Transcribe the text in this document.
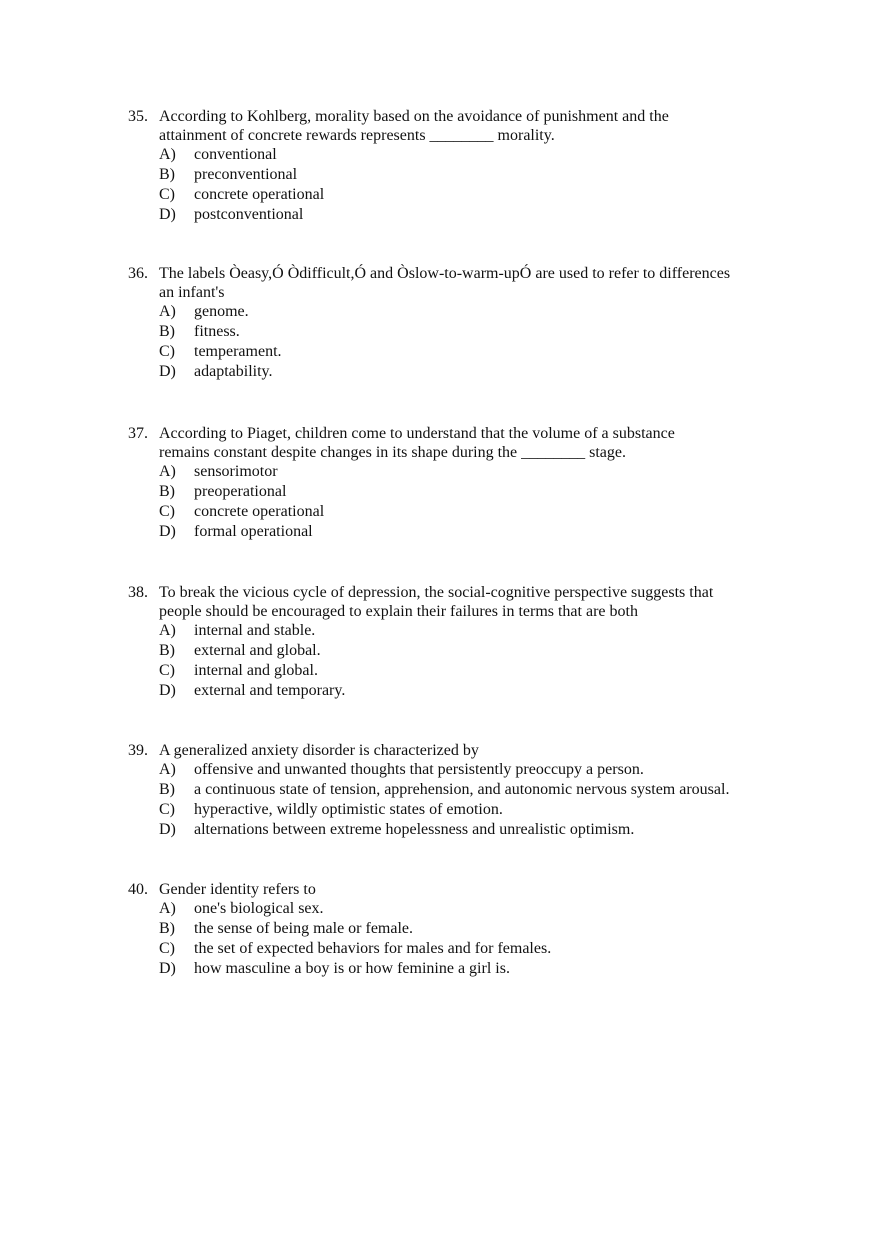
35. According to Kohlberg, morality based on the avoidance of punishment and the
attainment of concrete rewards represents ________ morality.
A)	conventional
B)	preconventional
C)	concrete operational
D)	postconventional
36. The labels Òeasy,Ó Òdifficult,Ó and Òslow-to-warm-upÓ are used to refer to differences
an infant's
A)	genome.
B)	fitness.
C)	temperament.
D)	adaptability.
37. According to Piaget, children come to understand that the volume of a substance
remains constant despite changes in its shape during the ________ stage.
A)	sensorimotor
B)	preoperational
C)	concrete operational
D)	formal operational
38. To break the vicious cycle of depression, the social-cognitive perspective suggests that
people should be encouraged to explain their failures in terms that are both
A)	internal and stable.
B)	external and global.
C)	internal and global.
D)	external and temporary.
39. A generalized anxiety disorder is characterized by
A)	offensive and unwanted thoughts that persistently preoccupy a person.
B)	a continuous state of tension, apprehension, and autonomic nervous system arousal.
C)	hyperactive, wildly optimistic states of emotion.
D)	alternations between extreme hopelessness and unrealistic optimism.
40. Gender identity refers to
A)	one's biological sex.
B)	the sense of being male or female.
C)	the set of expected behaviors for males and for females.
D)	how masculine a boy is or how feminine a girl is.
